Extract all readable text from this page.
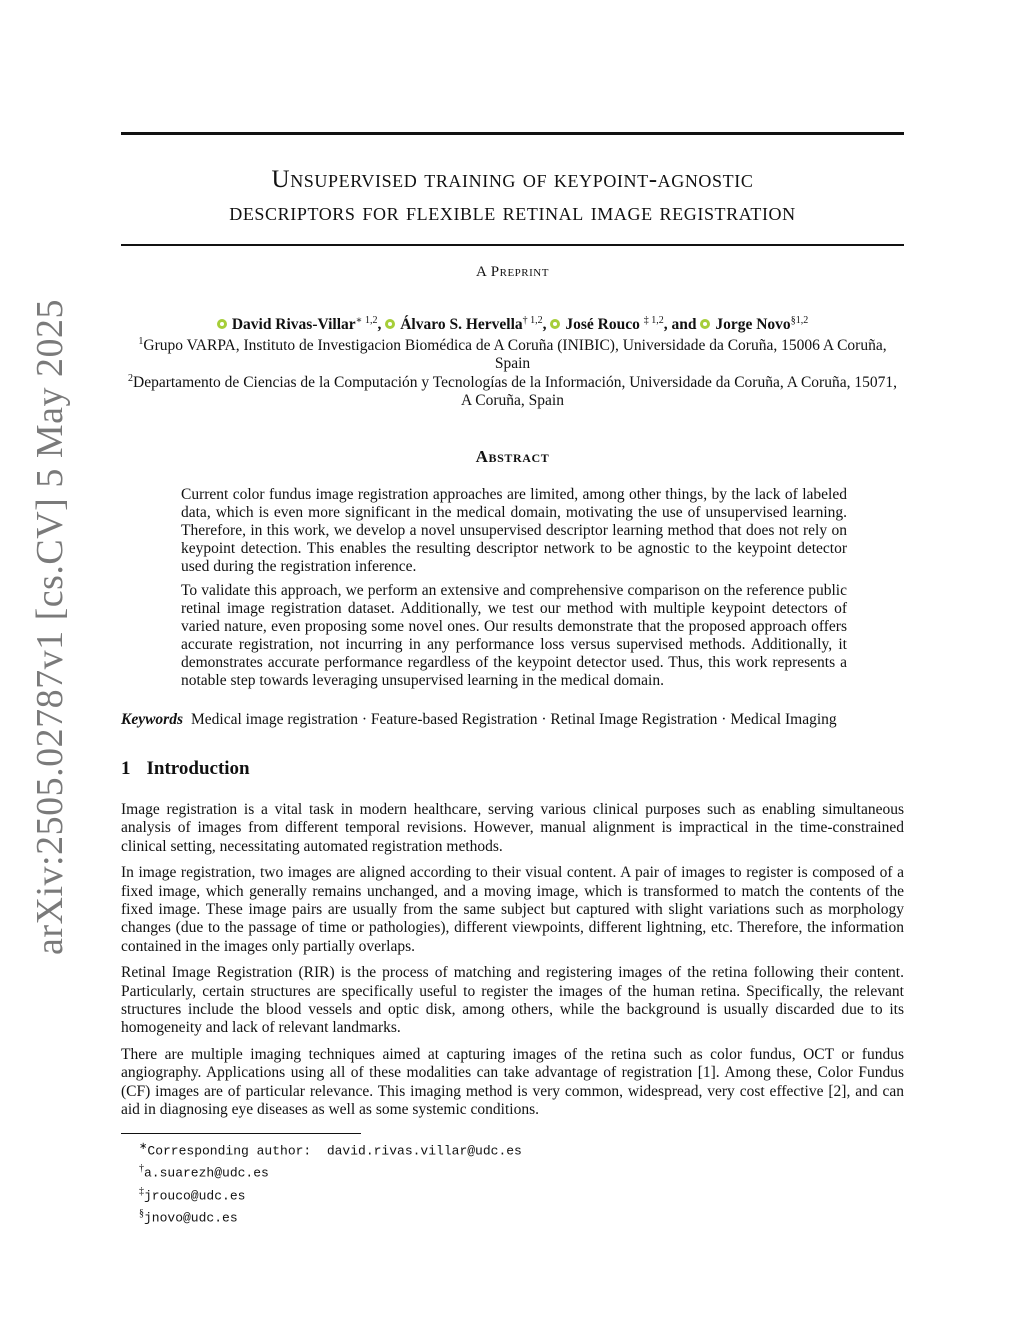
arXiv:2505.02787v1 [cs.CV] 5 May 2025
Unsupervised training of keypoint-agnostic
descriptors for flexible retinal image registration
A Preprint
David Rivas-Villar$^{∗ 1,2}$, Álvaro S. Hervella$^{\dagger 1,2}$, José Rouco $^{\ddagger 1,2}$, and Jorge Novo$^{\S 1,2}$
$^1$Grupo VARPA, Instituto de Investigacion Biomédica de A Coruña (INIBIC), Universidade da Coruña, 15006 A Coruña, Spain
$^2$Departamento de Ciencias de la Computación y Tecnologías de la Información, Universidade da Coruña, A Coruña, 15071, A Coruña, Spain
Abstract

Current color fundus image registration approaches are limited, among other things, by the lack of labeled data, which is even more significant in the medical domain, motivating the use of unsupervised learning. Therefore, in this work, we develop a novel unsupervised descriptor learning method that does not rely on keypoint detection. This enables the resulting descriptor network to be agnostic to the keypoint detector used during the registration inference.

To validate this approach, we perform an extensive and comprehensive comparison on the reference public retinal image registration dataset. Additionally, we test our method with multiple keypoint detectors of varied nature, even proposing some novel ones. Our results demonstrate that the proposed approach offers accurate registration, not incurring in any performance loss versus supervised methods. Additionally, it demonstrates accurate performance regardless of the keypoint detector used. Thus, this work represents a notable step towards leveraging unsupervised learning in the medical domain.

Keywords Medical image registration · Feature-based Registration · Retinal Image Registration · Medical Imaging
1 Introduction

Image registration is a vital task in modern healthcare, serving various clinical purposes such as enabling simultaneous analysis of images from different temporal revisions. However, manual alignment is impractical in the time-constrained clinical setting, necessitating automated registration methods.

In image registration, two images are aligned according to their visual content. A pair of images to register is composed of a fixed image, which generally remains unchanged, and a moving image, which is transformed to match the contents of the fixed image. These image pairs are usually from the same subject but captured with slight variations such as morphology changes (due to the passage of time or pathologies), different viewpoints, different lightning, etc. Therefore, the information contained in the images only partially overlaps.

Retinal Image Registration (RIR) is the process of matching and registering images of the retina following their content. Particularly, certain structures are specifically useful to register the images of the human retina. Specifically, the relevant structures include the blood vessels and optic disk, among others, while the background is usually discarded due to its homogeneity and lack of relevant landmarks.

There are multiple imaging techniques aimed at capturing images of the retina such as color fundus, OCT or fundus angiography. Applications using all of these modalities can take advantage of registration [1]. Among these, Color Fundus (CF) images are of particular relevance. This imaging method is very common, widespread, very cost effective [2], and can aid in diagnosing eye diseases as well as some systemic conditions.

∗Corresponding author:  david.rivas.villar@udc.es
†a.suarezh@udc.es
‡jrouco@udc.es
§jnovo@udc.es
